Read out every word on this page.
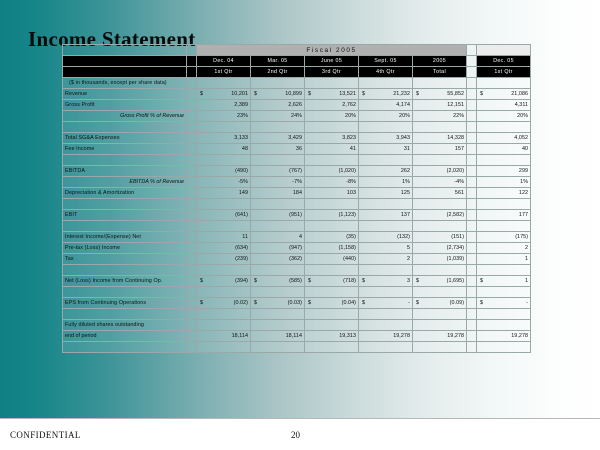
Income Statement
			Fiscal 2005						
		Dec. 04	Mar. 05	June 05	Sept. 05	2005		Dec. 05
		1st Qtr	2nd Qtr	3rd Qtr	4th Qtr	Total		1st Qtr
($ in thousands, except per share data)								
Revenue		$ 10,201	$ 10,899	$ 13,521	$ 21,232	$ 55,852		$ 21,086
Gross Profit		2,389	2,626	2,762	4,174	12,151		4,311
Gross Profit % of Revenue		23%	24%	20%	20%	22%		20%

Total SG&A Expenses		3,133	3,429	3,823	3,943	14,328		4,052
Fee Income		48	36	41	31	157		40

EBITDA		(490)	(767)	(1,020)	262	(2,020)		299
EBITDA % of Revenue		-5%	-7%	-8%	1%	-4%		1%
Depreciation & Amortization		149	184	103	125	561		122

EBIT		(641)	(951)	(1,123)	137	(2,582)		177

Interest Income/(Expense) Net		11	4	(35)	(132)	(151)		(175)
Pre-tax (Loss) Income		(634)	(947)	(1,158)	5	(2,734)		2
Tax		(239)	(362)	(440)	2	(1,039)		1

Net (Loss) Income from Continuing Op.		$ (394)	$ (585)	$ (718)	$ 3	$ (1,695)		$ 1

EPS from Continuing Operations		$ (0.02)	$ (0.03)	$ (0.04)	$ -	$ (0.09)		$ -

Fully diluted shares outstanding								
end of period		18,114	18,114	19,313	19,278	19,278		19,278

CONFIDENTIAL	20
